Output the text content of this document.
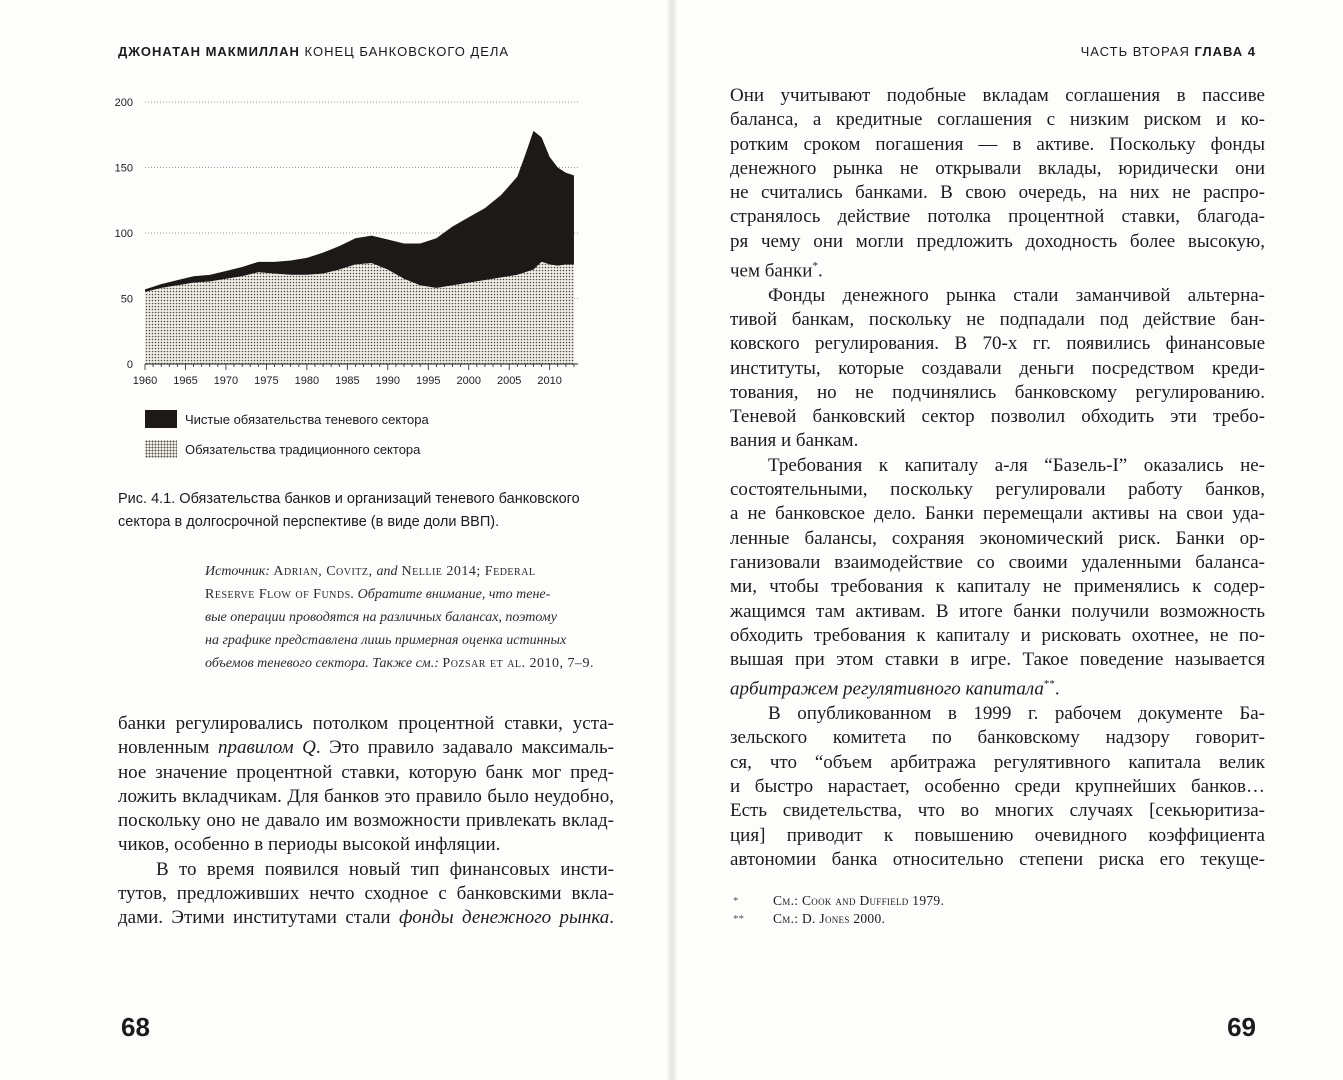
ДЖОНАТАН МАКМИЛЛАН КОНЕЦ БАНКОВСКОГО ДЕЛА
0
50
100
150
200
1960 1965 1970 1975 1980 1985 1990 1995 2000 2005 2010
Чистые обязательства теневого сектора
Обязательства традиционного сектора
Рис. 4.1. Обязательства банков и организаций теневого банковского
сектора в долгосрочной перспективе (в виде доли ВВП).
Источник: Adrian, Covitz, and Nellie 2014; Federal
Reserve Flow of Funds. Обратите внимание, что тене-
вые операции проводятся на различных балансах, поэтому
на графике представлена лишь примерная оценка истинных
объемов теневого сектора. Также см.: Pozsar et al. 2010, 7–9.
банки регулировались потолком процентной ставки, уста-
новленным правилом Q. Это правило задавало максималь-
ное значение процентной ставки, которую банк мог пред-
ложить вкладчикам. Для банков это правило было неудобно,
поскольку оно не давало им возможности привлекать вклад-
чиков, особенно в периоды высокой инфляции.
В то время появился новый тип финансовых инсти-
тутов, предложивших нечто сходное с банковскими вкла-
дами. Этими институтами стали фонды денежного рынка.
68
ЧАСТЬ ВТОРАЯ ГЛАВА 4
Они учитывают подобные вкладам соглашения в пассиве
баланса, а кредитные соглашения с низким риском и ко-
ротким сроком погашения — в активе. Поскольку фонды
денежного рынка не открывали вклады, юридически они
не считались банками. В свою очередь, на них не распро-
странялось действие потолка процентной ставки, благода-
ря чему они могли предложить доходность более высокую,
чем банки*.
Фонды денежного рынка стали заманчивой альтерна-
тивой банкам, поскольку не подпадали под действие бан-
ковского регулирования. В 70-х гг. появились финансовые
институты, которые создавали деньги посредством креди-
тования, но не подчинялись банковскому регулированию.
Теневой банковский сектор позволил обходить эти требо-
вания и банкам.
Требования к капиталу а-ля “Базель-I” оказались не-
состоятельными, поскольку регулировали работу банков,
а не банковское дело. Банки перемещали активы на свои уда-
ленные балансы, сохраняя экономический риск. Банки ор-
ганизовали взаимодействие со своими удаленными баланса-
ми, чтобы требования к капиталу не применялись к содер-
жащимся там активам. В итоге банки получили возможность
обходить требования к капиталу и рисковать охотнее, не по-
вышая при этом ставки в игре. Такое поведение называется
арбитражем регулятивного капитала**.
В опубликованном в 1999 г. рабочем документе Ба-
зельского комитета по банковскому надзору говорит-
ся, что “объем арбитража регулятивного капитала велик
и быстро нарастает, особенно среди крупнейших банков…
Есть свидетельства, что во многих случаях [секьюритиза-
ция] приводит к повышению очевидного коэффициента
автономии банка относительно степени риска его текуще-
*	См.: Cook and Duffield 1979.
**	См.: D. Jones 2000.
69
